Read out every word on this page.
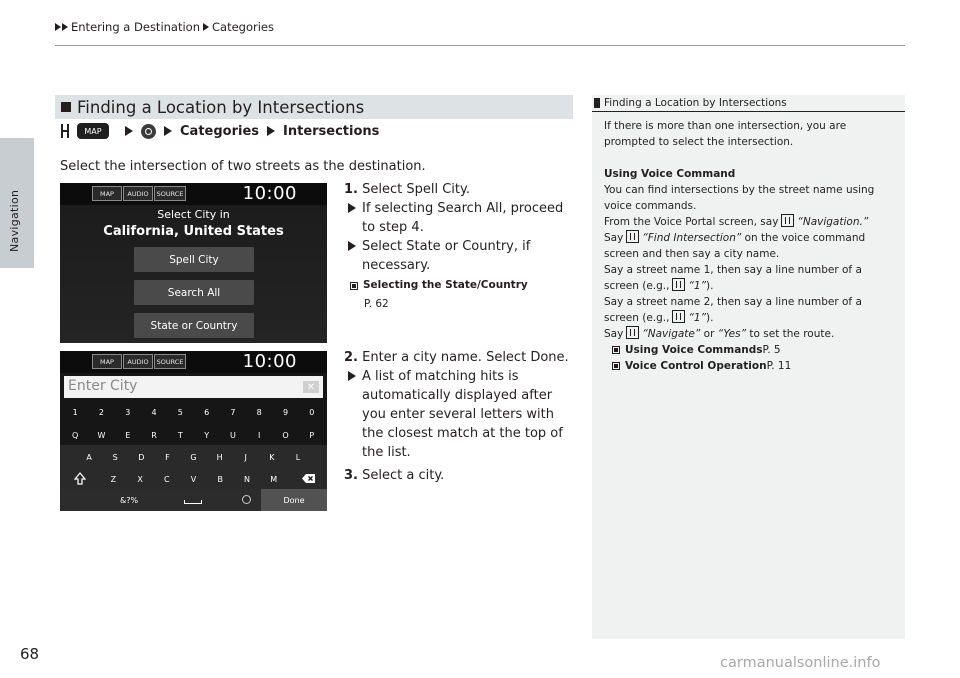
Navigation
Entering a Destination Categories
Finding a Location by Intersections
MAP	Categories Intersections
Select the intersection of two streets as the destination.
MAP	AUDIO	SOURCE	10:00
Select City in
California, United States
Spell City
Search All
State or Country
MAP	AUDIO	SOURCE	10:00
Enter City	✕
1	2	3	4	5	6	7	8	9	0
Q	W	E	R	T	Y	U	I	O	P
A	S	D	F	G	H	J	K	L
Z	X	C	V	B	N	M
&?%	Done
1. Select Spell City.
If selecting Search All, proceed to step 4.
Select State or Country, if necessary.
Selecting the State/Country
P. 62
2. Enter a city name. Select Done.
A list of matching hits is automatically displayed after you enter several letters with the closest match at the top of the list.
3. Select a city.
Finding a Location by Intersections
If there is more than one intersection, you are prompted to select the intersection.
Using Voice Command
You can find intersections by the street name using voice commands.
From the Voice Portal screen, say “Navigation.”
Say “Find Intersection” on the voice command screen and then say a city name.
Say a street name 1, then say a line number of a screen (e.g., “1”).
Say a street name 2, then say a line number of a screen (e.g., “1”).
Say “Navigate” or “Yes” to set the route.
Using Voice Commands P. 5
Voice Control Operation P. 11
68	carmanualsonline.info
